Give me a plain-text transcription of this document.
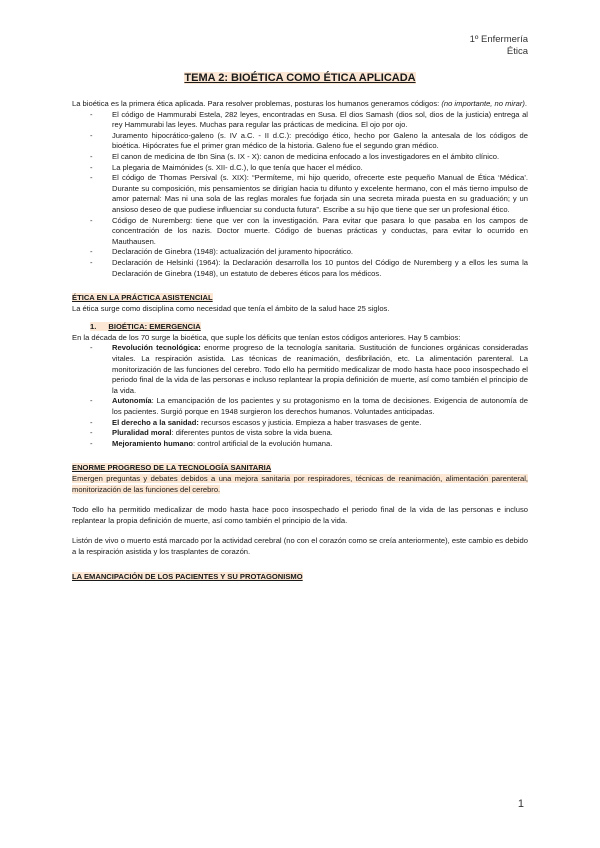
1º Enfermería
Ética
TEMA 2: BIOÉTICA COMO ÉTICA APLICADA

La bioética es la primera ética aplicada. Para resolver problemas, posturas los humanos generamos códigos: (no importante, no mirar).

- El código de Hammurabi Estela, 282 leyes, encontradas en Susa. El dios Samash (dios sol, dios de la justicia) entrega al rey Hammurabi las leyes. Muchas para regular las prácticas de medicina. El ojo por ojo.
- Juramento hipocrático-galeno (s. IV a.C. - II d.C.): precódigo ético, hecho por Galeno la antesala de los códigos de bioética. Hipócrates fue el primer gran médico de la historia. Galeno fue el segundo gran médico.
- El canon de medicina de Ibn Sina (s. IX - X): canon de medicina enfocado a los investigadores en el ámbito clínico.
- La plegaria de Maimónides (s. XII- d.C.), lo que tenía que hacer el médico.
- El código de Thomas Persival (s. XIX): “Permíteme, mi hijo querido, ofrecerte este pequeño Manual de Ética ‘Médica’. Durante su composición, mis pensamientos se dirigían hacia tu difunto y excelente hermano, con el más tierno impulso de amor paternal: Mas ni una sola de las reglas morales fue forjada sin una secreta mirada puesta en su graduación; y un ansioso deseo de que pudiese influenciar su conducta futura”. Escribe a su hijo que tiene que ser un profesional ético.
- Código de Nuremberg: tiene que ver con la investigación. Para evitar que pasara lo que pasaba en los campos de concentración de los nazis. Doctor muerte. Código de buenas prácticas y conductas, para evitar lo ocurrido en Mauthausen.
- Declaración de Ginebra (1948): actualización del juramento hipocrático.
- Declaración de Helsinki (1964): la Declaración desarrolla los 10 puntos del Código de Nuremberg y a ellos les suma la Declaración de Ginebra (1948), un estatuto de deberes éticos para los médicos.

ÉTICA EN LA PRÁCTICA ASISTENCIAL

La ética surge como disciplina como necesidad que tenía el ámbito de la salud hace 25 siglos.

1. BIOÉTICA: EMERGENCIA

En la década de los 70 surge la bioética, que suple los déficits que tenían estos códigos anteriores. Hay 5 cambios:

- Revolución tecnológica: enorme progreso de la tecnología sanitaria. Sustitución de funciones orgánicas consideradas vitales. La respiración asistida. Las técnicas de reanimación, desfibrilación, etc. La alimentación parenteral. La monitorización de las funciones del cerebro. Todo ello ha permitido medicalizar de modo hasta hace poco insospechado el periodo final de la vida de las personas e incluso replantear la propia definición de muerte, así como también el principio de la vida.
- Autonomía: La emancipación de los pacientes y su protagonismo en la toma de decisiones. Exigencia de autonomía de los pacientes. Surgió porque en 1948 surgieron los derechos humanos. Voluntades anticipadas.
- El derecho a la sanidad: recursos escasos y justicia. Empieza a haber trasvases de gente.
- Pluralidad moral: diferentes puntos de vista sobre la vida buena.
- Mejoramiento humano: control artificial de la evolución humana.

ENORME PROGRESO DE LA TECNOLOGÍA SANITARIA

Emergen preguntas y debates debidos a una mejora sanitaria por respiradores, técnicas de reanimación, alimentación parenteral, monitorización de las funciones del cerebro.

Todo ello ha permitido medicalizar de modo hasta hace poco insospechado el periodo final de la vida de las personas e incluso replantear la propia definición de muerte, así como también el principio de la vida.

Listón de vivo o muerto está marcado por la actividad cerebral (no con el corazón como se creía anteriormente), este cambio es debido a la respiración asistida y los trasplantes de corazón.

LA EMANCIPACIÓN DE LOS PACIENTES Y SU PROTAGONISMO

1
